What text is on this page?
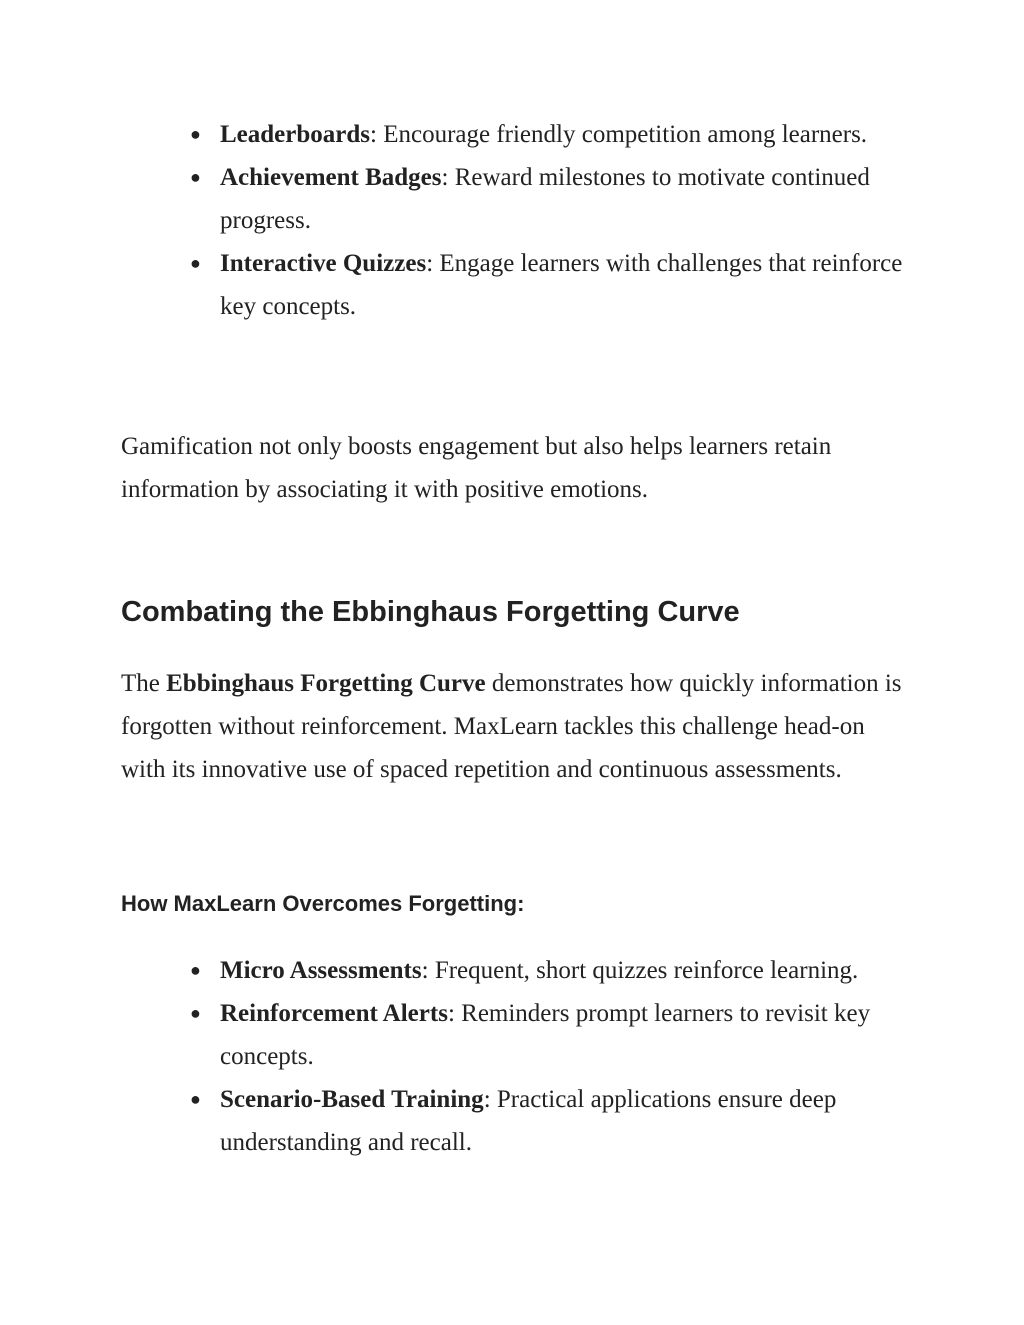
● Leaderboards: Encourage friendly competition among learners.
● Achievement Badges: Reward milestones to motivate continued progress.
● Interactive Quizzes: Engage learners with challenges that reinforce key concepts.

Gamification not only boosts engagement but also helps learners retain information by associating it with positive emotions.

Combating the Ebbinghaus Forgetting Curve

The Ebbinghaus Forgetting Curve demonstrates how quickly information is forgotten without reinforcement. MaxLearn tackles this challenge head-on with its innovative use of spaced repetition and continuous assessments.

How MaxLearn Overcomes Forgetting:
● Micro Assessments: Frequent, short quizzes reinforce learning.
● Reinforcement Alerts: Reminders prompt learners to revisit key concepts.
● Scenario-Based Training: Practical applications ensure deep understanding and recall.
